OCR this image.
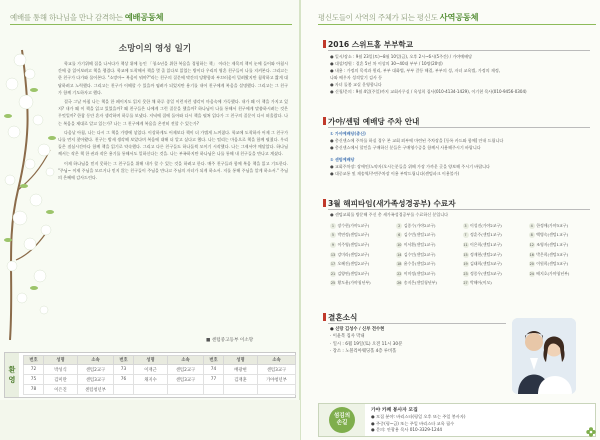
예배를 통해 하나님을 만나 감격하는 예배공동체
소망이의 영성 일기

학교를 가기위해 집을 나서다가 책상 위에 놓인 「청소년을 위한 복음을 경험하는 책」 이라는 제목의 책이 눈에 들어와 아침시간에 좀 읽어보려고 책을 챙겼다. 학교에 도착해서 책을 몇 줄 읽다보 읽었는 방이다 우리의 영혼 친구들이 나를 지켜본다. 그리고는 한 친구가 다가와 물어본다. "소망아~ 복음이 뭐야?"라는 친구의 질문에 막간의 당황함과 부끄러움이 밀려왔지만 침착하고 짧게 대답하려고 노력했다. 그리고는 친구가 이해할 수 있을까 염려가 되었지만 용기를 내어 친구에게 복음을 설명했다. 그리고는 그 친구가 함께 기도하자고 했다.

결국 그날 아침 나는 책을 한 페이지도 읽지 못한 채 하루 종일 이런저런 생각이 마음속에 가득했다. 내가 왜 이 책을 가지고 있지? 내가 왜 이 책을 읽고 있었을까? 왜 친구들은 나에게 그런 질문을 했을까? 하나님이 나를 통해서 친구에게 말씀하시려는 것은 무엇일까? 한참 동안 혼자 생각하며 하루를 보냈다. 저녁에 집에 돌아와 다시 책을 펼쳐 읽다가 그 친구의 질문이 다시 떠올랐다. 나는 복음을 제대로 알고 있는가? 나는 그 친구에게 복음을 온전히 전할 수 있는가?

다음날 아침, 나는 다시 그 책을 가방에 넣었다. 이상하게도 어제보다 책이 더 가볍게 느껴졌다. 학교에 도착하자 어제 그 친구가 나를 먼저 찾아왔다. 친구는 밤새 생각해 보았다며 복음에 대해 더 알고 싶다고 했다. 나는 떨리는 마음으로 책을 함께 펼쳤다. 우리 둘은 점심시간마다 함께 책을 읽기로 약속했다. 그리고 다른 친구들도 하나둘씩 모이기 시작했다. 나는 그제서야 깨달았다. 하나님께서는 작은 책 한 권과 작은 용기를 통해서도 일하신다는 것을. 나는 부족하지만 하나님은 나를 통해 내 친구들을 만나고 계셨다.

이제 하나님을 믿지 못하는 그 친구들을 위해 내가 할 수 있는 것을 하려고 한다. 매주 친구들과 함께 복음 책을 읽고 기도한다. "주님~ 이제 주님을 모르거나 믿지 않는 친구들이 주님을 만나고 주님의 자녀가 되게 하소서. 저를 통해 주님을 알게 하소서." 주님의 은혜에 감사드린다.

■ 센텀중고등부 이소망
환
영
번호	성명	소속	번호	성명	소속	번호	성명	소속
72	박성식	센텀2교구	73	이재근	센텀2교구	74	배광현	센텀3교구
75	김미란	센텀3교구	76	채지수	센텀3교구	77	김재훈	가야청년부
78	이은진	센텀청년부						
평신도들이 사역의 주체가 되는 평신도 사역공동체
2016 스위트홈 부부학교
● 일시/장소 : 9월 23일(토)~8월 10일(금), 오후 2시~6시(5주간) / 가야예배당
● 대상/정원 : 결혼 5년 차 이상의 30~40대 부부 / 10쌍(20명)
● 내용 : 가정의 목적과 원리, 부부 대화법, 부부 갈등 해결, 부부의 성, 자녀 교육법, 가정의 재정,
나와 배우자 성격알기 검사 등
● 자녀 돌봄 교실 운영합니다
● 신청/문의 : 9월 4일(주일)까지 교회사무실 / 육성희 집사(010-4134-1429), 이기현 목사(010-9456-0304)
가야/센텀 예배당 주차 안내
① 가야예배당(총신)
● 총신센스에 주차를 하실 경우 본 교회 외부에 마련된 주차장을 [등록 카드와 함께] 안내 드립니다
● 총신센스에서 할인을 구매하신 분들은 구매영수증을 함께서 사용해주시기 바랍니다
② 센텀예배당
● 교회주차장: 장애인/노약자/오시는분들을 위해 가장 가까운 곳을 양보해 주시기 바랍니다
● 대중교통 및 재송역/주변주차장 이용 부탁드립니다(센텀파크 이용불가)
3월 해피타임(새가족성경공부) 수료자
● 센텀교회를 방문해 주신 총 새가족성경공부를 수료하신 분입니다
1 장수현(가야1교구)	2 김종수(가야2교구)	3 이성진(가야2교구)	4 한정애(가야3교구)
5 박연정(센텀1교구)	6 김수빈(센텀1교구)	7 정훈주(센텀1교구)	8 백병숙(센텀1교구)
9 이주영(센텀1교구)	10 이서환(센텀1교구)	11 이은희(센텀1교구)	12 조영자(센텀1교구)
13 강미라(센텀2교구)	14 김수인(센텀2교구)	15 정재현(센텀2교구)	16 박은희(센텀3교구)
17 오혜진(센텀2교구)	18 윤수웅(센텀2교구)	19 김태희(센텀3교구)	20 이원희(센텀3교구)
21 김양연(센텀3교구)	22 이미정(센텀3교구)	23 정종우(센텀3교구)	24 배지호(가야청년부)
25 황도윤(가야청년부)	26 송지은(센텀청년부)	27 박해아(이모)	
결혼소식
● 신랑 김성수 / 신부 전수현
· 이윤복 집사 막내
· 일시 : 6월 19일(토) 오전 11시 30분
· 장소 : 노블리아웨딩홀 4층 루비홀
섬김의
손길
가야 카페 봉사자 모집
● 모집 분야: 바리스타(평일 오후 또는 주일 봉사자)
● 주중(평~금) 또는 주일 바리스타 교육 필수
● 문의: 안광용 목사 010-3329-1244
